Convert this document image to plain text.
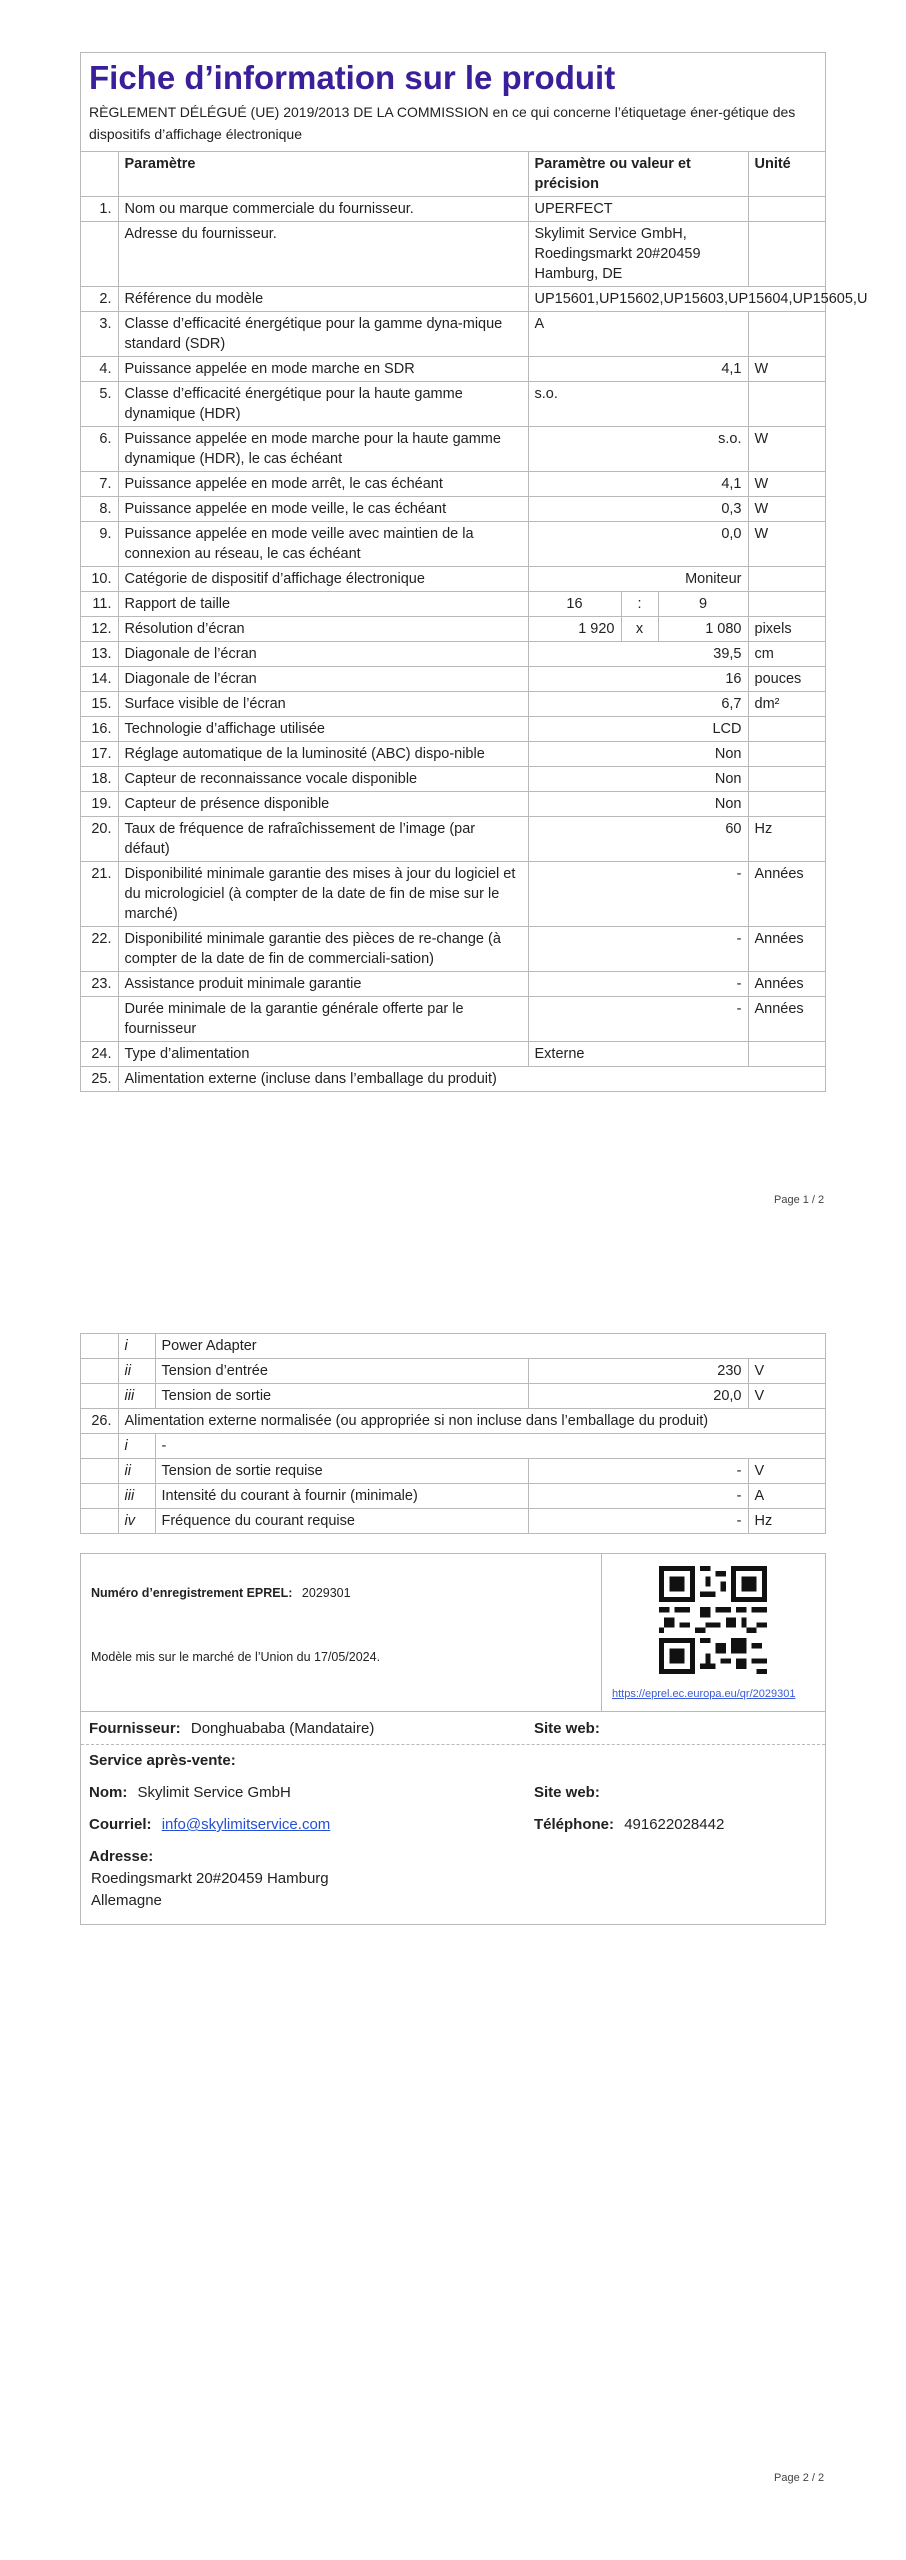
Fiche d’information sur le produit
RÈGLEMENT DÉLÉGUÉ (UE) 2019/2013 DE LA COMMISSION en ce qui concerne l’étiquetage éner-gétique des dispositifs d’affichage électronique
	Paramètre	Paramètre ou valeur et précision			Unité
1.	Nom ou marque commerciale du fournisseur.	UPERFECT			
	Adresse du fournisseur.	Skylimit Service GmbH, Roedingsmarkt 20#20459 Hamburg, DE			
2.	Référence du modèle	UP15601,UP15602,UP15603,UP15604,UP15605,U			
3.	Classe d’efficacité énergétique pour la gamme dyna-mique standard (SDR)	A			
4.	Puissance appelée en mode marche en SDR	4,1			W
5.	Classe d’efficacité énergétique pour la haute gamme dynamique (HDR)	s.o.			
6.	Puissance appelée en mode marche pour la haute gamme dynamique (HDR), le cas échéant	s.o.			W
7.	Puissance appelée en mode arrêt, le cas échéant	4,1			W
8.	Puissance appelée en mode veille, le cas échéant	0,3			W
9.	Puissance appelée en mode veille avec maintien de la connexion au réseau, le cas échéant	0,0			W
10.	Catégorie de dispositif d’affichage électronique	Moniteur			
11.	Rapport de taille	16	:	9	
12.	Résolution d’écran	1 920	x	1 080	pixels
13.	Diagonale de l’écran	39,5			cm
14.	Diagonale de l’écran	16			pouces
15.	Surface visible de l’écran	6,7			dm²
16.	Technologie d’affichage utilisée	LCD			
17.	Réglage automatique de la luminosité (ABC) dispo-nible	Non			
18.	Capteur de reconnaissance vocale disponible	Non			
19.	Capteur de présence disponible	Non			
20.	Taux de fréquence de rafraîchissement de l’image (par défaut)	60			Hz
21.	Disponibilité minimale garantie des mises à jour du logiciel et du micrologiciel (à compter de la date de fin de mise sur le marché)	-			Années
22.	Disponibilité minimale garantie des pièces de re-change (à compter de la date de fin de commerciali-sation)	-			Années
23.	Assistance produit minimale garantie	-			Années
	Durée minimale de la garantie générale offerte par le fournisseur	-			Années
24.	Type d’alimentation	Externe			
25.	Alimentation externe (incluse dans l’emballage du produit)				
Page 1 / 2
	i	Power Adapter		
	ii	Tension d’entrée	230	V
	iii	Tension de sortie	20,0	V
26.	Alimentation externe normalisée (ou appropriée si non incluse dans l’emballage du produit)			
	i	-		
	ii	Tension de sortie requise	-	V
	iii	Intensité du courant à fournir (minimale)	-	A
	iv	Fréquence du courant requise	-	Hz
Numéro d’enregistrement EPREL: 2029301
Modèle mis sur le marché de l’Union du 17/05/2024.
https://eprel.ec.europa.eu/qr/2029301
Fournisseur: Donghuababa (Mandataire)	Site web:
Service après-vente:
Nom: Skylimit Service GmbH	Site web:
Courriel: info@skylimitservice.com	Téléphone: 491622028442
Adresse:
Roedingsmarkt 20#20459 Hamburg
Allemagne
Page 2 / 2
